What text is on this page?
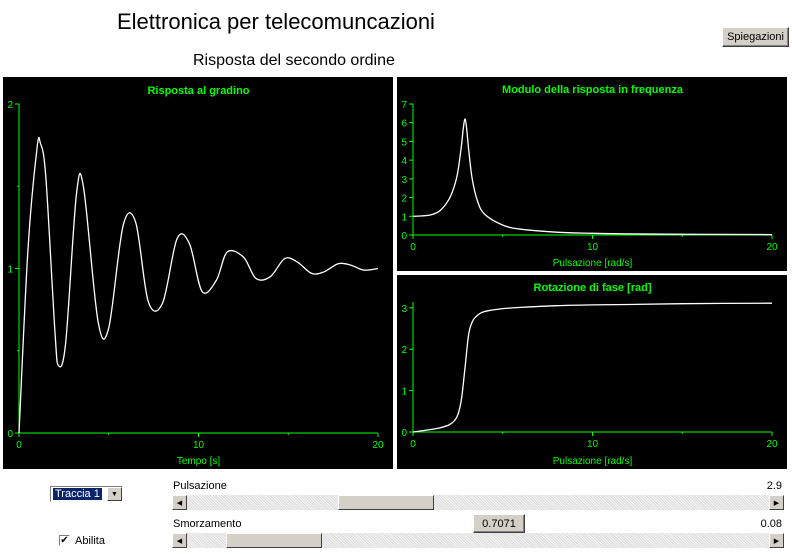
Elettronica per telecomuncazioni
Risposta del secondo ordine
Spiegazioni
Risposta al gradino
0	10	20
0
1
2
Tempo [s]
Modulo della risposta in frequenza
0	10	20
0
1
2
3
4
5
6
7
Pulsazione [rad/s]
Rotazione di fase [rad]
0	10	20
0
1
2
3
Pulsazione [rad/s]
Traccia 1	▼
✔ Abilita
Pulsazione	2.9
◀	▶
Smorzamento	0.7071	0.08
◀	▶
